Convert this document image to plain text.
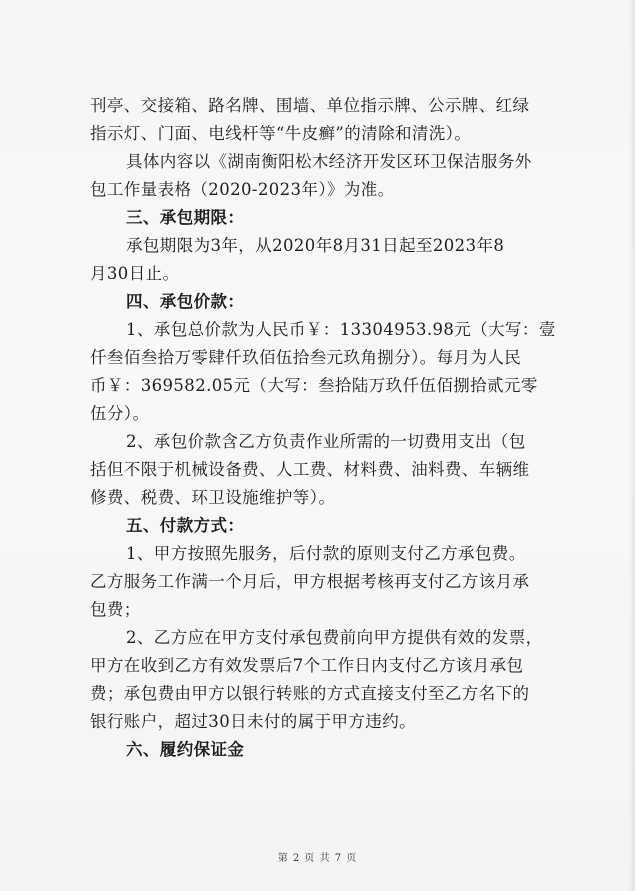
刊亭、交接箱、路名牌、围墙、单位指示牌、公示牌、红绿
指示灯、门面、电线杆等“牛皮癣”的清除和清洗）。
具体内容以《湖南衡阳松木经济开发区环卫保洁服务外
包工作量表格（2020-2023年）》为准。
三、承包期限：
承包期限为3年，从2020年8月31日起至2023年8
月30日止。
四、承包价款：
1、承包总价款为人民币￥：13304953.98元（大写：壹
仟叁佰叁拾万零肆仟玖佰伍拾叁元玖角捌分）。每月为人民
币￥：369582.05元（大写：叁拾陆万玖仟伍佰捌拾贰元零
伍分）。
2、承包价款含乙方负责作业所需的一切费用支出（包
括但不限于机械设备费、人工费、材料费、油料费、车辆维
修费、税费、环卫设施维护等）。
五、付款方式：
1、甲方按照先服务，后付款的原则支付乙方承包费。
乙方服务工作满一个月后，甲方根据考核再支付乙方该月承
包费；
2、乙方应在甲方支付承包费前向甲方提供有效的发票，
甲方在收到乙方有效发票后7个工作日内支付乙方该月承包
费；承包费由甲方以银行转账的方式直接支付至乙方名下的
银行账户，超过30日未付的属于甲方违约。
六、履约保证金
第 2 页 共 7 页
